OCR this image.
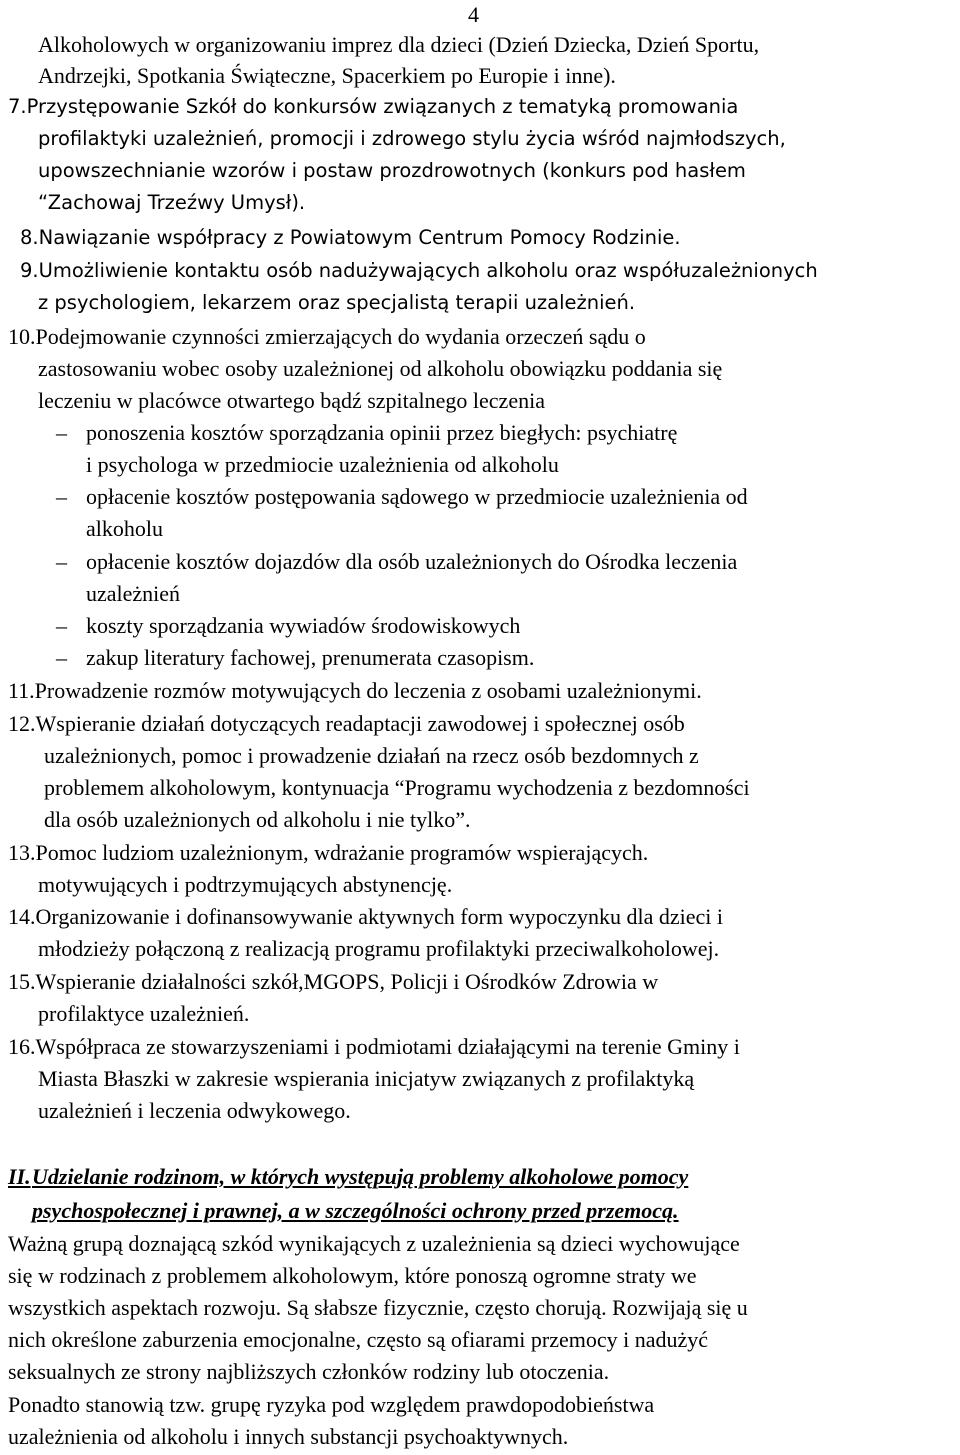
4
Alkoholowych w organizowaniu imprez dla dzieci (Dzień Dziecka, Dzień Sportu,
Andrzejki, Spotkania Świąteczne, Spacerkiem po Europie i inne).
7.Przystępowanie Szkół do konkursów związanych z tematyką promowania
profilaktyki uzależnień, promocji i zdrowego stylu życia wśród najmłodszych,
upowszechnianie wzorów i postaw prozdrowotnych (konkurs pod hasłem
“Zachowaj Trzeźwy Umysł).
8.Nawiązanie współpracy z Powiatowym Centrum Pomocy Rodzinie.
9.Umożliwienie kontaktu osób nadużywających alkoholu oraz współuzależnionych
z psychologiem, lekarzem oraz specjalistą terapii uzależnień.
10.Podejmowanie czynności zmierzających do wydania orzeczeń sądu o
zastosowaniu wobec osoby uzależnionej od alkoholu obowiązku poddania się
leczeniu w placówce otwartego bądź szpitalnego leczenia
– ponoszenia kosztów sporządzania opinii przez biegłych: psychiatrę
i psychologa w przedmiocie uzależnienia od alkoholu
– opłacenie kosztów postępowania sądowego w przedmiocie uzależnienia od
alkoholu
– opłacenie kosztów dojazdów dla osób uzależnionych do Ośrodka leczenia
uzależnień
– koszty sporządzania wywiadów środowiskowych
– zakup literatury fachowej, prenumerata czasopism.
11.Prowadzenie rozmów motywujących do leczenia z osobami uzależnionymi.
12.Wspieranie działań dotyczących readaptacji zawodowej i społecznej osób
uzależnionych, pomoc i prowadzenie działań na rzecz osób bezdomnych z
problemem alkoholowym, kontynuacja “Programu wychodzenia z bezdomności
dla osób uzależnionych od alkoholu i nie tylko”.
13.Pomoc ludziom uzależnionym, wdrażanie programów wspierających.
motywujących i podtrzymujących abstynencję.
14.Organizowanie i dofinansowywanie aktywnych form wypoczynku dla dzieci i
młodzieży połączoną z realizacją programu profilaktyki przeciwalkoholowej.
15.Wspieranie działalności szkół,MGOPS, Policji i Ośrodków Zdrowia w
profilaktyce uzależnień.
16.Współpraca ze stowarzyszeniami i podmiotami działającymi na terenie Gminy i
Miasta Błaszki w zakresie wspierania inicjatyw związanych z profilaktyką
uzależnień i leczenia odwykowego.
II. Udzielanie rodzinom, w których występują problemy alkoholowe pomocy
psychospołecznej i prawnej, a w szczególności ochrony przed przemocą.
Ważną grupą doznającą szkód wynikających z uzależnienia są dzieci wychowujące
się w rodzinach z problemem alkoholowym, które ponoszą ogromne straty we
wszystkich aspektach rozwoju. Są słabsze fizycznie, często chorują. Rozwijają się u
nich określone zaburzenia emocjonalne, często są ofiarami przemocy i nadużyć
seksualnych ze strony najbliższych członków rodziny lub otoczenia.
Ponadto stanowią tzw. grupę ryzyka pod względem prawdopodobieństwa
uzależnienia od alkoholu i innych substancji psychoaktywnych.
